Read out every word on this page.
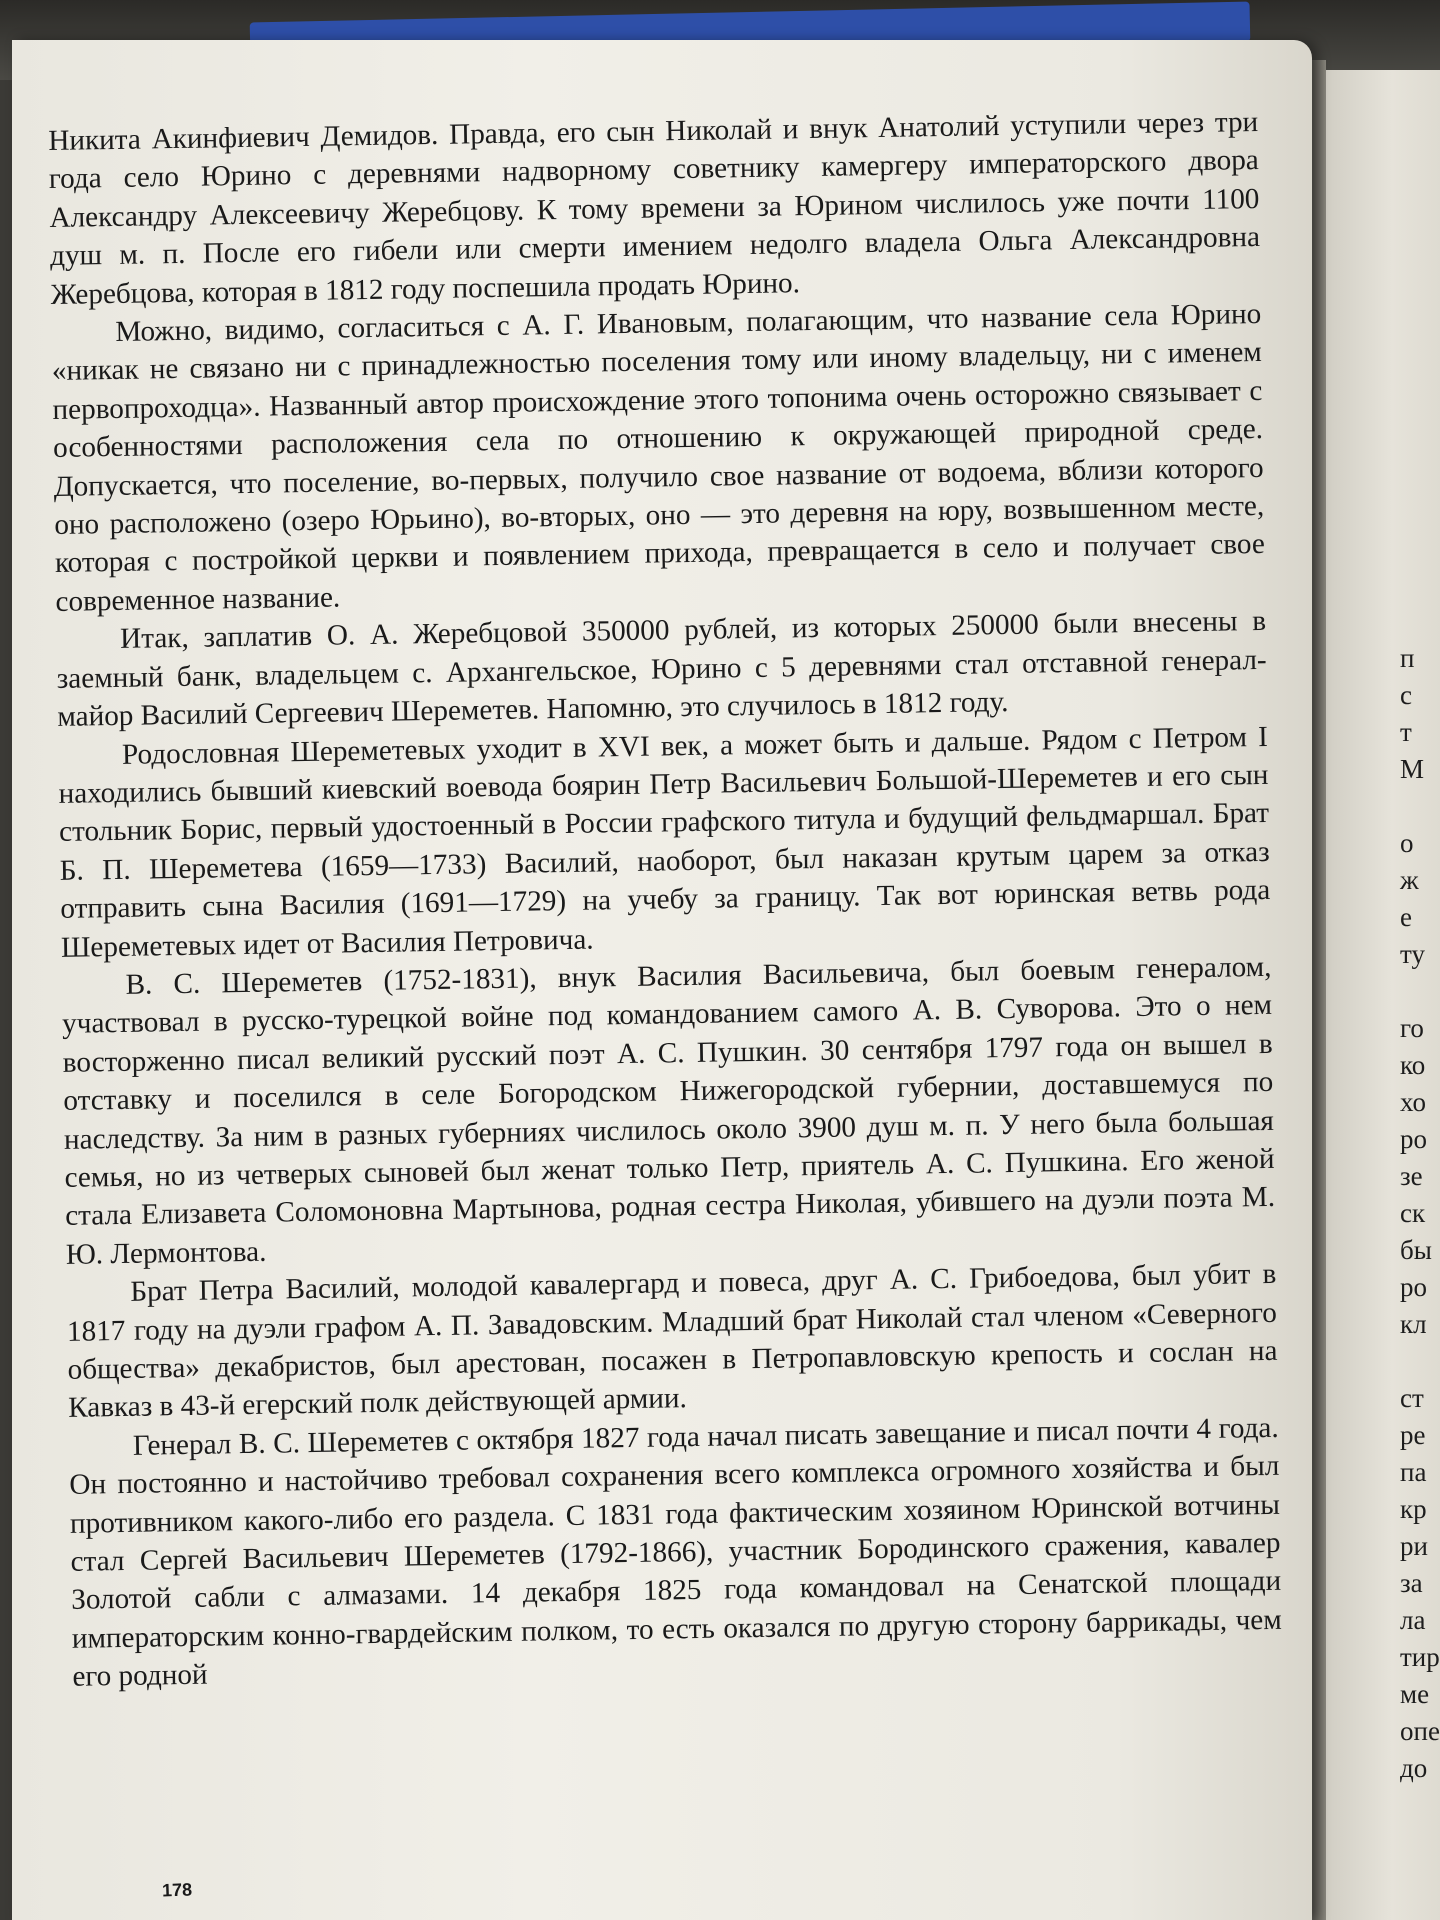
п
с
т
М

о
ж
е
ту

го
ко
хо
ро
зе
ск
бы
ро
кл

ст
ре
па
кр
ри
за
ла
тир
ме
опе
до

Никита Акинфиевич Демидов. Правда, его сын Николай и внук Анатолий уступили через три года село Юрино с деревнями надворному советнику камергеру императорского двора Александру Алексеевичу Жеребцову. К тому времени за Юрином числилось уже почти 1100 душ м. п. После его гибели или смерти имением недолго владела Ольга Александровна Жеребцова, которая в 1812 году поспешила продать Юрино.

Можно, видимо, согласиться с А. Г. Ивановым, полагающим, что название села Юрино «никак не связано ни с принадлежностью поселения тому или иному владельцу, ни с именем первопроходца». Названный автор происхождение этого топонима очень осторожно связывает с особенностями расположения села по отношению к окружающей природной среде. Допускается, что поселение, во-первых, получило свое название от водоема, вблизи которого оно расположено (озеро Юрьино), во-вторых, оно — это деревня на юру, возвышенном месте, которая с постройкой церкви и появлением прихода, превращается в село и получает свое современное название.

Итак, заплатив О. А. Жеребцовой 350000 рублей, из которых 250000 были внесены в заемный банк, владельцем с. Архангельское, Юрино с 5 деревнями стал отставной генерал-майор Василий Сергеевич Шереметев. Напомню, это случилось в 1812 году.

Родословная Шереметевых уходит в XVI век, а может быть и дальше. Рядом с Петром I находились бывший киевский воевода боярин Петр Васильевич Большой-Шереметев и его сын стольник Борис, первый удостоенный в России графского титула и будущий фельдмаршал. Брат Б. П. Шереметева (1659—1733) Василий, наоборот, был наказан крутым царем за отказ отправить сына Василия (1691—1729) на учебу за границу. Так вот юринская ветвь рода Шереметевых идет от Василия Петровича.

В. С. Шереметев (1752-1831), внук Василия Васильевича, был боевым генералом, участвовал в русско-турецкой войне под командованием самого А. В. Суворова. Это о нем восторженно писал великий русский поэт А. С. Пушкин. 30 сентября 1797 года он вышел в отставку и поселился в селе Богородском Нижегородской губернии, доставшемуся по наследству. За ним в разных губерниях числилось около 3900 душ м. п. У него была большая семья, но из четверых сыновей был женат только Петр, приятель А. С. Пушкина. Его женой стала Елизавета Соломоновна Мартынова, родная сестра Николая, убившего на дуэли поэта М. Ю. Лермонтова.

Брат Петра Василий, молодой кавалергард и повеса, друг А. С. Грибоедова, был убит в 1817 году на дуэли графом А. П. Завадовским. Младший брат Николай стал членом «Северного общества» декабристов, был арестован, посажен в Петропавловскую крепость и сослан на Кавказ в 43-й егерский полк действующей армии.

Генерал В. С. Шереметев с октября 1827 года начал писать завещание и писал почти 4 года. Он постоянно и настойчиво требовал сохранения всего комплекса огромного хозяйства и был противником какого-либо его раздела. С 1831 года фактическим хозяином Юринской вотчины стал Сергей Васильевич Шереметев (1792-1866), участник Бородинского сражения, кавалер Золотой сабли с алмазами. 14 декабря 1825 года командовал на Сенатской площади императорским конно-гвардейским полком, то есть оказался по другую сторону баррикады, чем его родной

178
